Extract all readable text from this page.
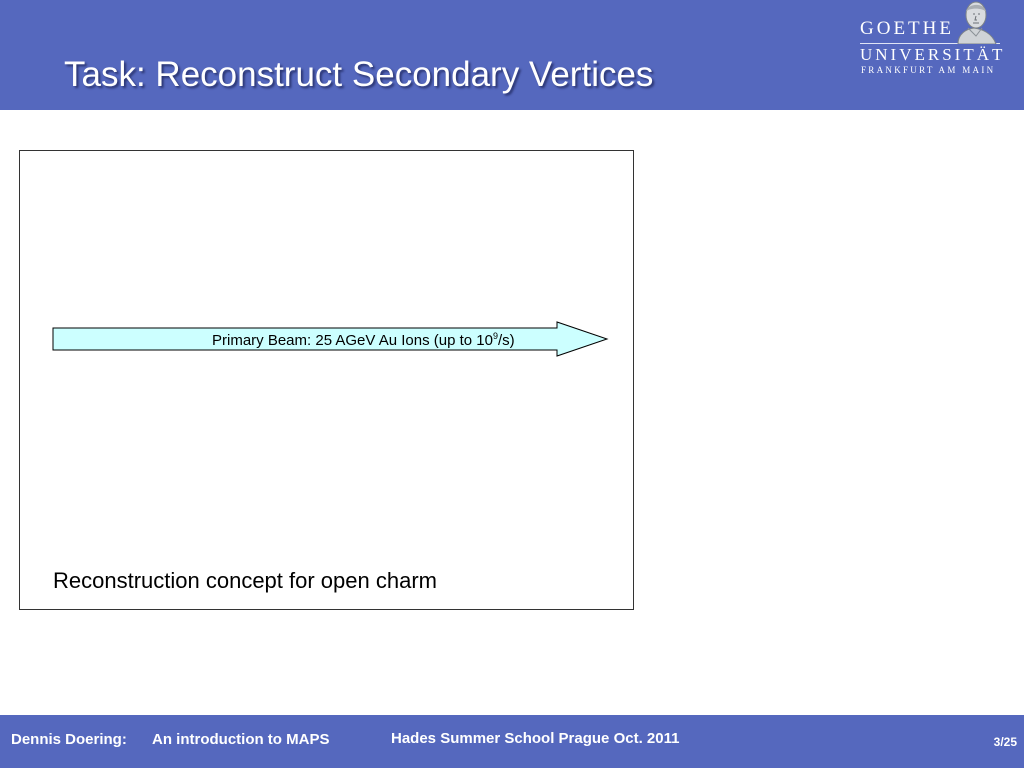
Task: Reconstruct Secondary Vertices
GOETHE
UNIVERSITÄT
FRANKFURT AM MAIN
Primary Beam: 25 AGeV Au Ions (up to $10^9/s$)
Reconstruction concept for open charm
Dennis Doering: An introduction to MAPS	Hades Summer School Prague Oct. 2011	3/25
